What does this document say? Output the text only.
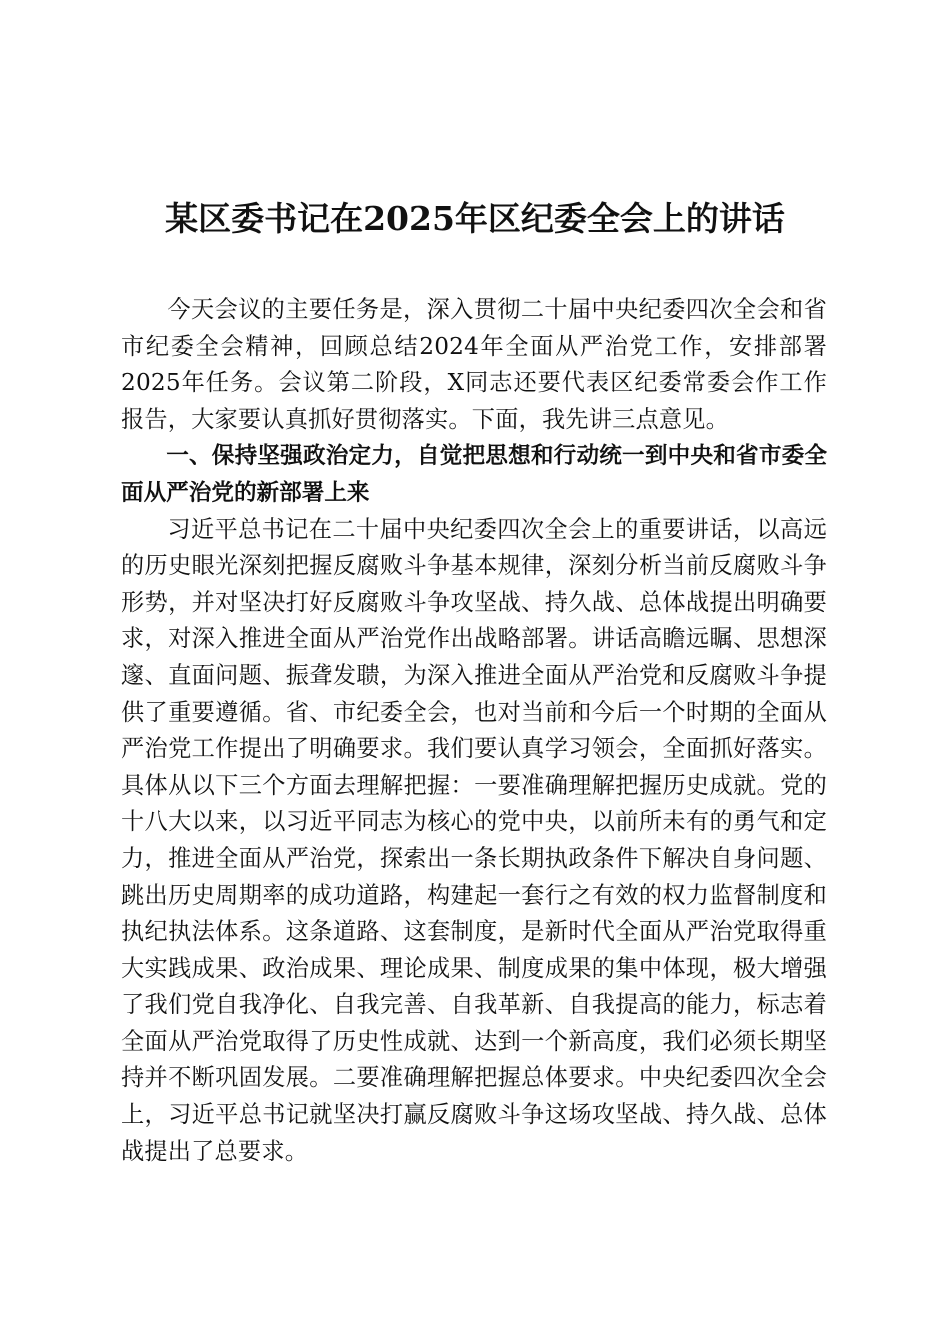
某区委书记在2025年区纪委全会上的讲话

今天会议的主要任务是，深入贯彻二十届中央纪委四次全会和省市纪委全会精神，回顾总结2024年全面从严治党工作，安排部署2025年任务。会议第二阶段，X同志还要代表区纪委常委会作工作报告，大家要认真抓好贯彻落实。下面，我先讲三点意见。

一、保持坚强政治定力，自觉把思想和行动统一到中央和省市委全面从严治党的新部署上来

习近平总书记在二十届中央纪委四次全会上的重要讲话，以高远的历史眼光深刻把握反腐败斗争基本规律，深刻分析当前反腐败斗争形势，并对坚决打好反腐败斗争攻坚战、持久战、总体战提出明确要求，对深入推进全面从严治党作出战略部署。讲话高瞻远瞩、思想深邃、直面问题、振聋发聩，为深入推进全面从严治党和反腐败斗争提供了重要遵循。省、市纪委全会，也对当前和今后一个时期的全面从严治党工作提出了明确要求。我们要认真学习领会，全面抓好落实。具体从以下三个方面去理解把握：一要准确理解把握历史成就。党的十八大以来，以习近平同志为核心的党中央，以前所未有的勇气和定力，推进全面从严治党，探索出一条长期执政条件下解决自身问题、跳出历史周期率的成功道路，构建起一套行之有效的权力监督制度和执纪执法体系。这条道路、这套制度，是新时代全面从严治党取得重大实践成果、政治成果、理论成果、制度成果的集中体现，极大增强了我们党自我净化、自我完善、自我革新、自我提高的能力，标志着全面从严治党取得了历史性成就、达到一个新高度，我们必须长期坚持并不断巩固发展。二要准确理解把握总体要求。中央纪委四次全会上，习近平总书记就坚决打赢反腐败斗争这场攻坚战、持久战、总体战提出了总要求。
